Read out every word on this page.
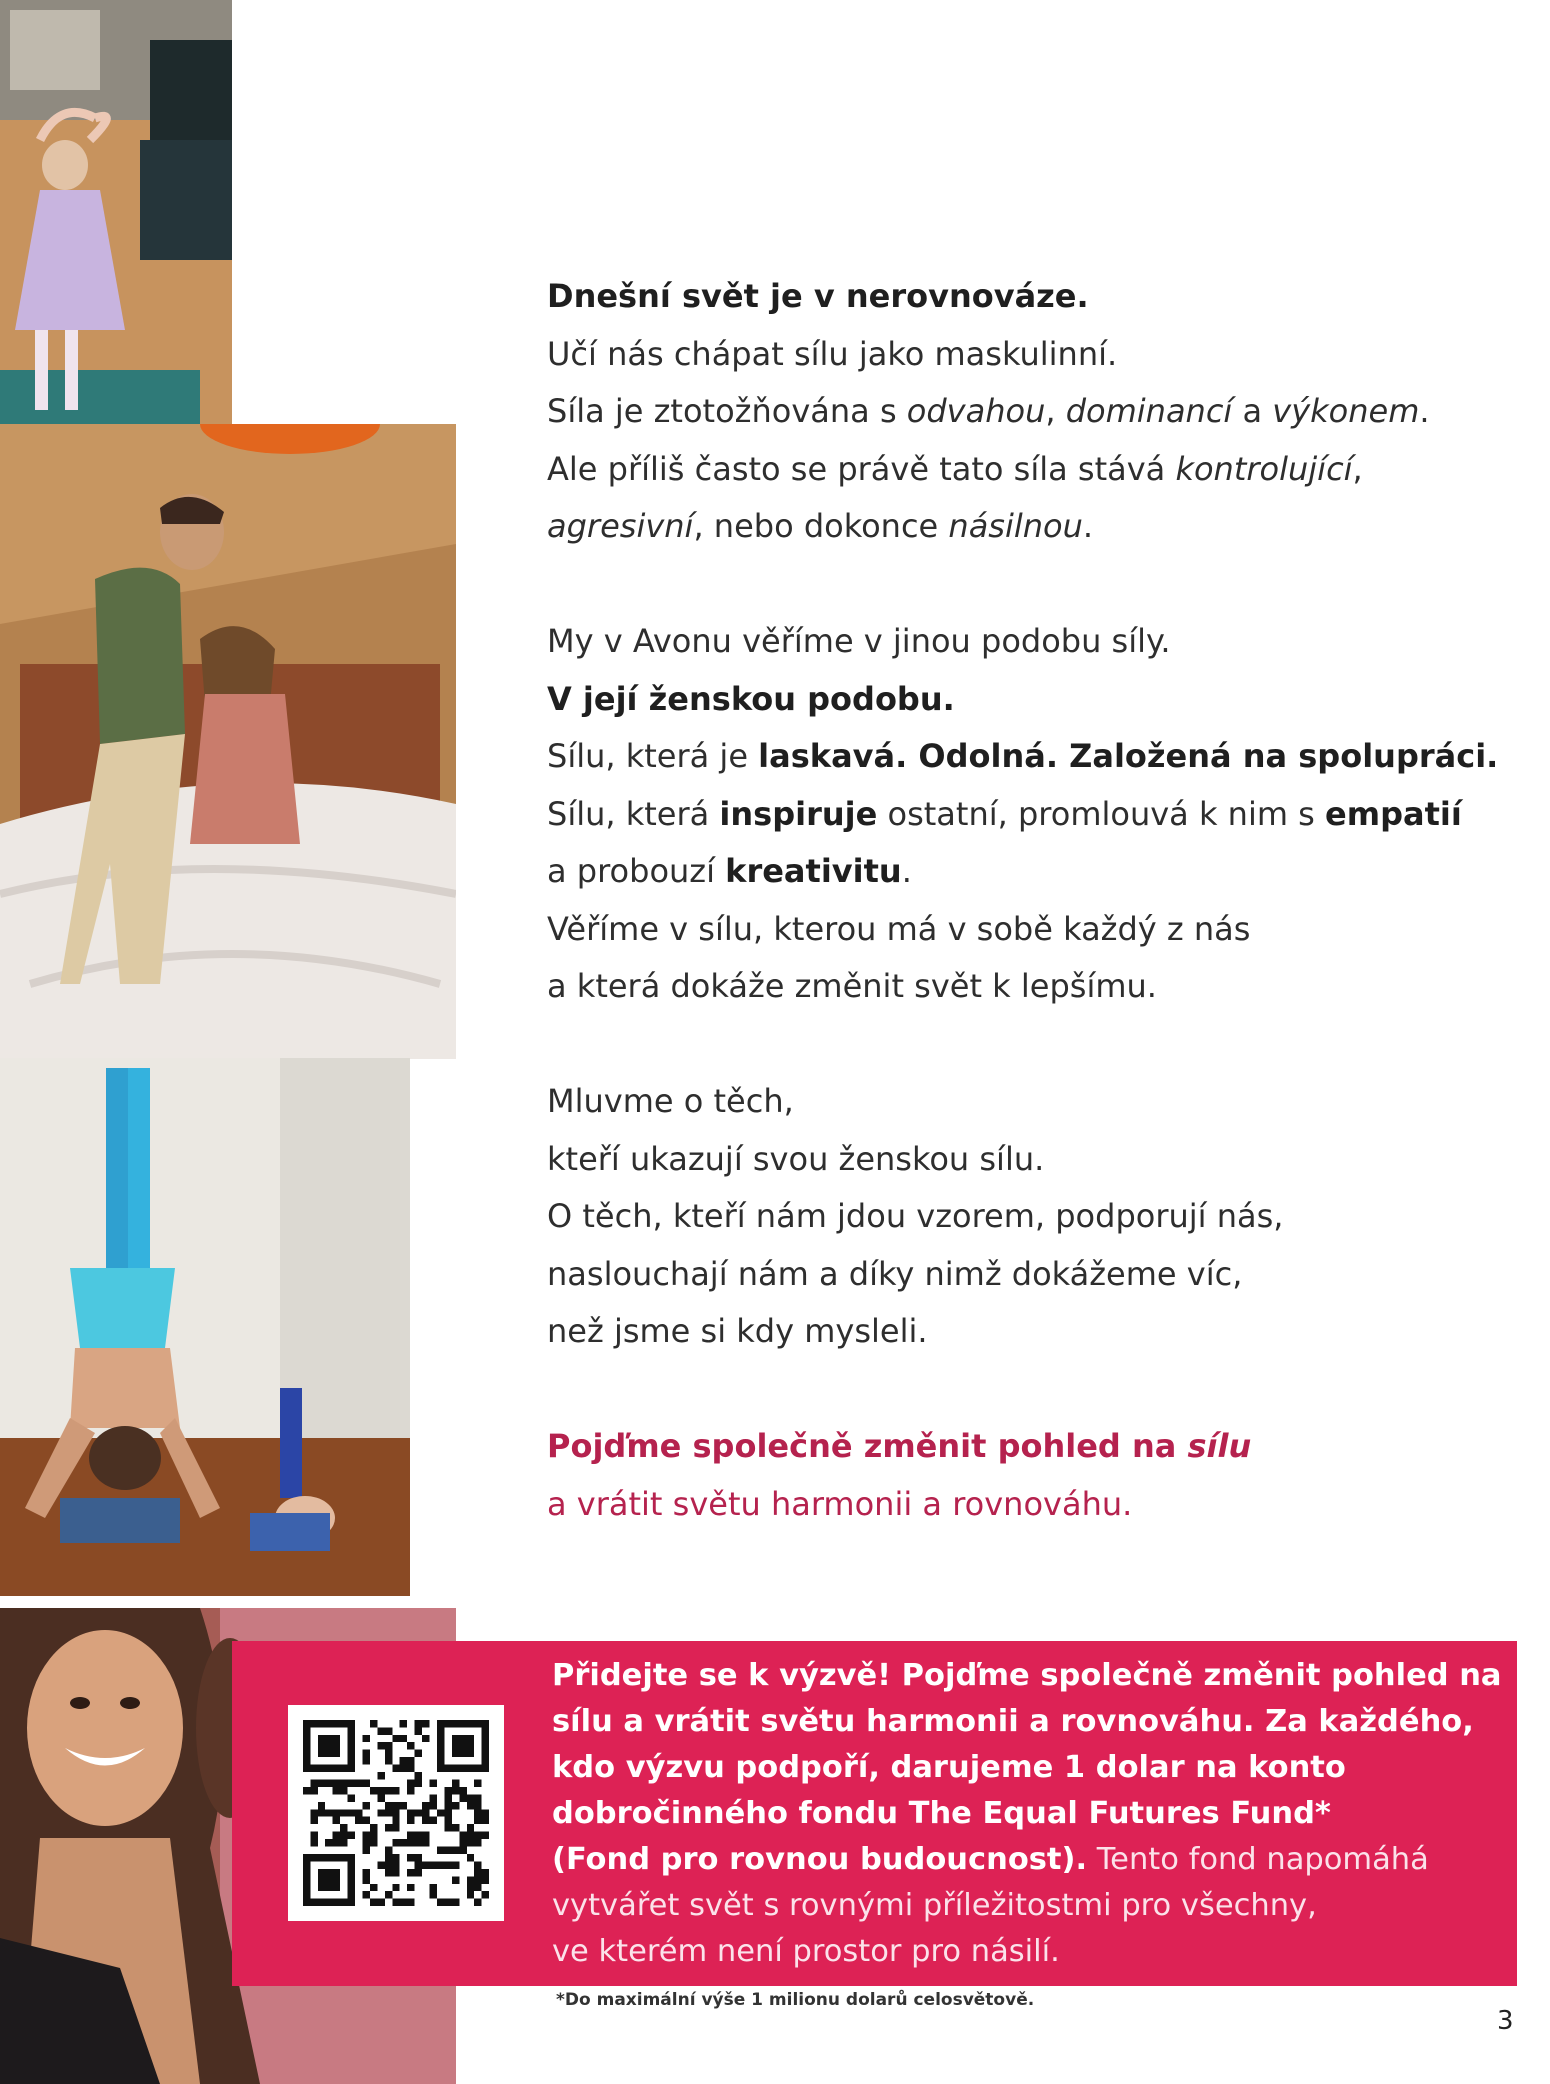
Dnešní svět je v nerovnováze.

Učí nás chápat sílu jako maskulinní.

Síla je ztotožňována s odvahou, dominancí a výkonem.

Ale příliš často se právě tato síla stává kontrolující,

agresivní, nebo dokonce násilnou.

My v Avonu věříme v jinou podobu síly.

V její ženskou podobu.

Sílu, která je laskavá. Odolná. Založená na spolupráci.

Sílu, která inspiruje ostatní, promlouvá k nim s empatií

a probouzí kreativitu.

Věříme v sílu, kterou má v sobě každý z nás

a která dokáže změnit svět k lepšímu.

Mluvme o těch,

kteří ukazují svou ženskou sílu.

O těch, kteří nám jdou vzorem, podporují nás,

naslouchají nám a díky nimž dokážeme víc,

než jsme si kdy mysleli.

Pojďme společně změnit pohled na sílu

a vrátit světu harmonii a rovnováhu.

Přidejte se k výzvě! Pojďme společně změnit pohled na

sílu a vrátit světu harmonii a rovnováhu. Za každého,

kdo výzvu podpoří, darujeme 1 dolar na konto

dobročinného fondu The Equal Futures Fund*

(Fond pro rovnou budoucnost). Tento fond napomáhá

vytvářet svět s rovnými příležitostmi pro všechny,

ve kterém není prostor pro násilí.

*Do maximální výše 1 milionu dolarů celosvětově.
3
